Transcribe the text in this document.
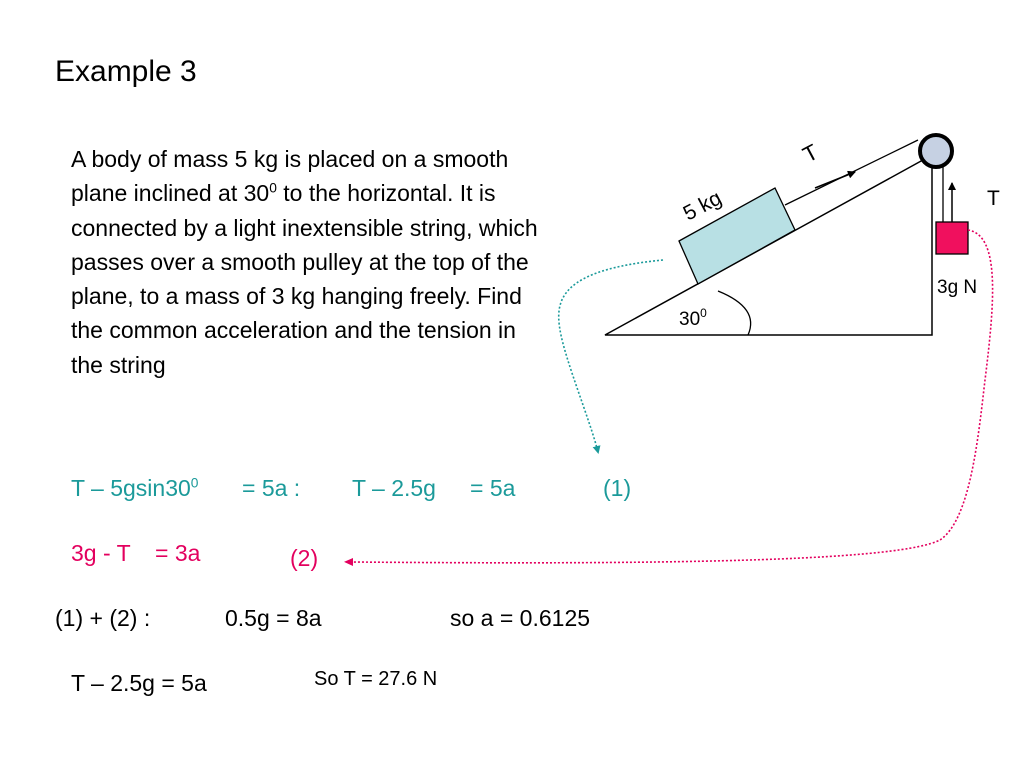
Example 3
A body of mass 5 kg is placed on a smooth plane inclined at $30^0$ to the horizontal. It is connected by a light inextensible string, which passes over a smooth pulley at the top of the plane, to a mass of 3 kg hanging freely. Find the common acceleration and the tension in the string
$T - 5gsin30^0 = 5a$ : T – 2.5g = 5a	(1)
3g - T = 3a	(2)
(1) + (2) :	0.5g = 8a	so a = 0.6125
T – 2.5g = 5a	So T = 27.6 N
5 kg
T
T
3g N
$30^0$
